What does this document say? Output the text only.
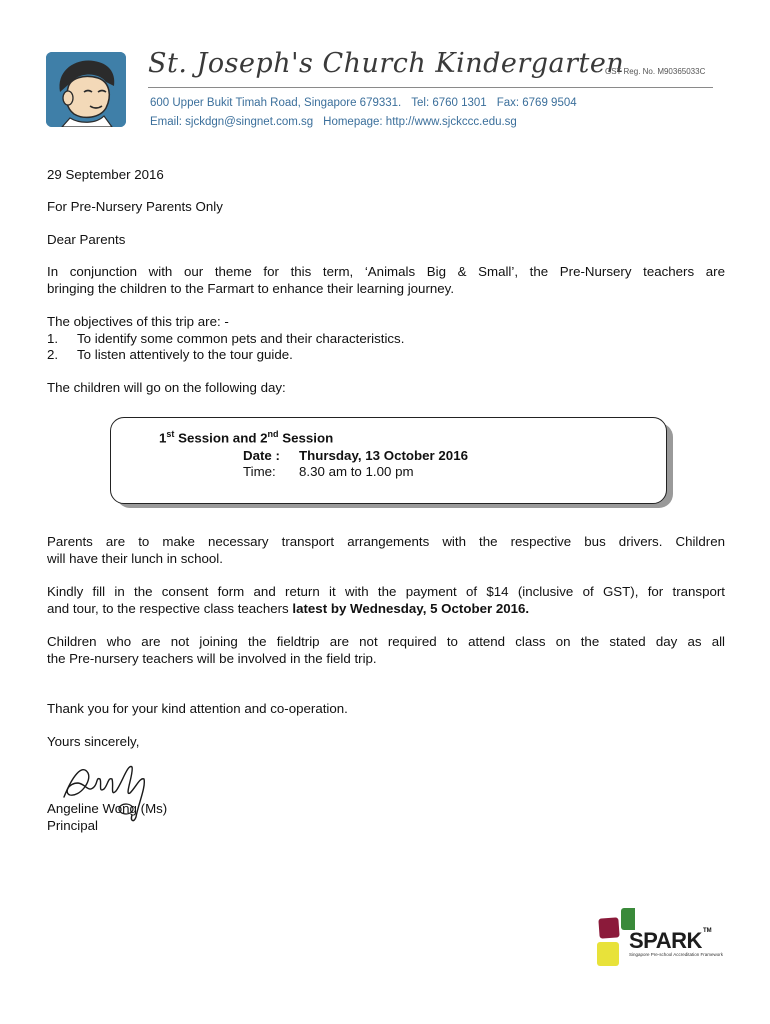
St. Joseph's Church Kindergarten
GST Reg. No. M90365033C
600 Upper Bukit Timah Road, Singapore 679331. Tel: 6760 1301 Fax: 6769 9504
Email: sjckdgn@singnet.com.sg Homepage: http://www.sjckccc.edu.sg
29 September 2016
For Pre-Nursery Parents Only
Dear Parents
In conjunction with our theme for this term, ‘Animals Big & Small’, the Pre-Nursery teachers are
bringing the children to the Farmart to enhance their learning journey.
The objectives of this trip are: -
1. To identify some common pets and their characteristics.
2. To listen attentively to the tour guide.
The children will go on the following day:
1st Session and 2nd Session
Date : Thursday, 13 October 2016
Time: 8.30 am to 1.00 pm
Parents are to make necessary transport arrangements with the respective bus drivers. Children
will have their lunch in school.
Kindly fill in the consent form and return it with the payment of $14 (inclusive of GST), for transport
and tour, to the respective class teachers latest by Wednesday, 5 October 2016.
Children who are not joining the fieldtrip are not required to attend class on the stated day as all
the Pre-nursery teachers will be involved in the field trip.
Thank you for your kind attention and co-operation.
Yours sincerely,
Angeline Wong (Ms)
Principal
SPARK TM
Singapore Pre-school Accreditation Framework
